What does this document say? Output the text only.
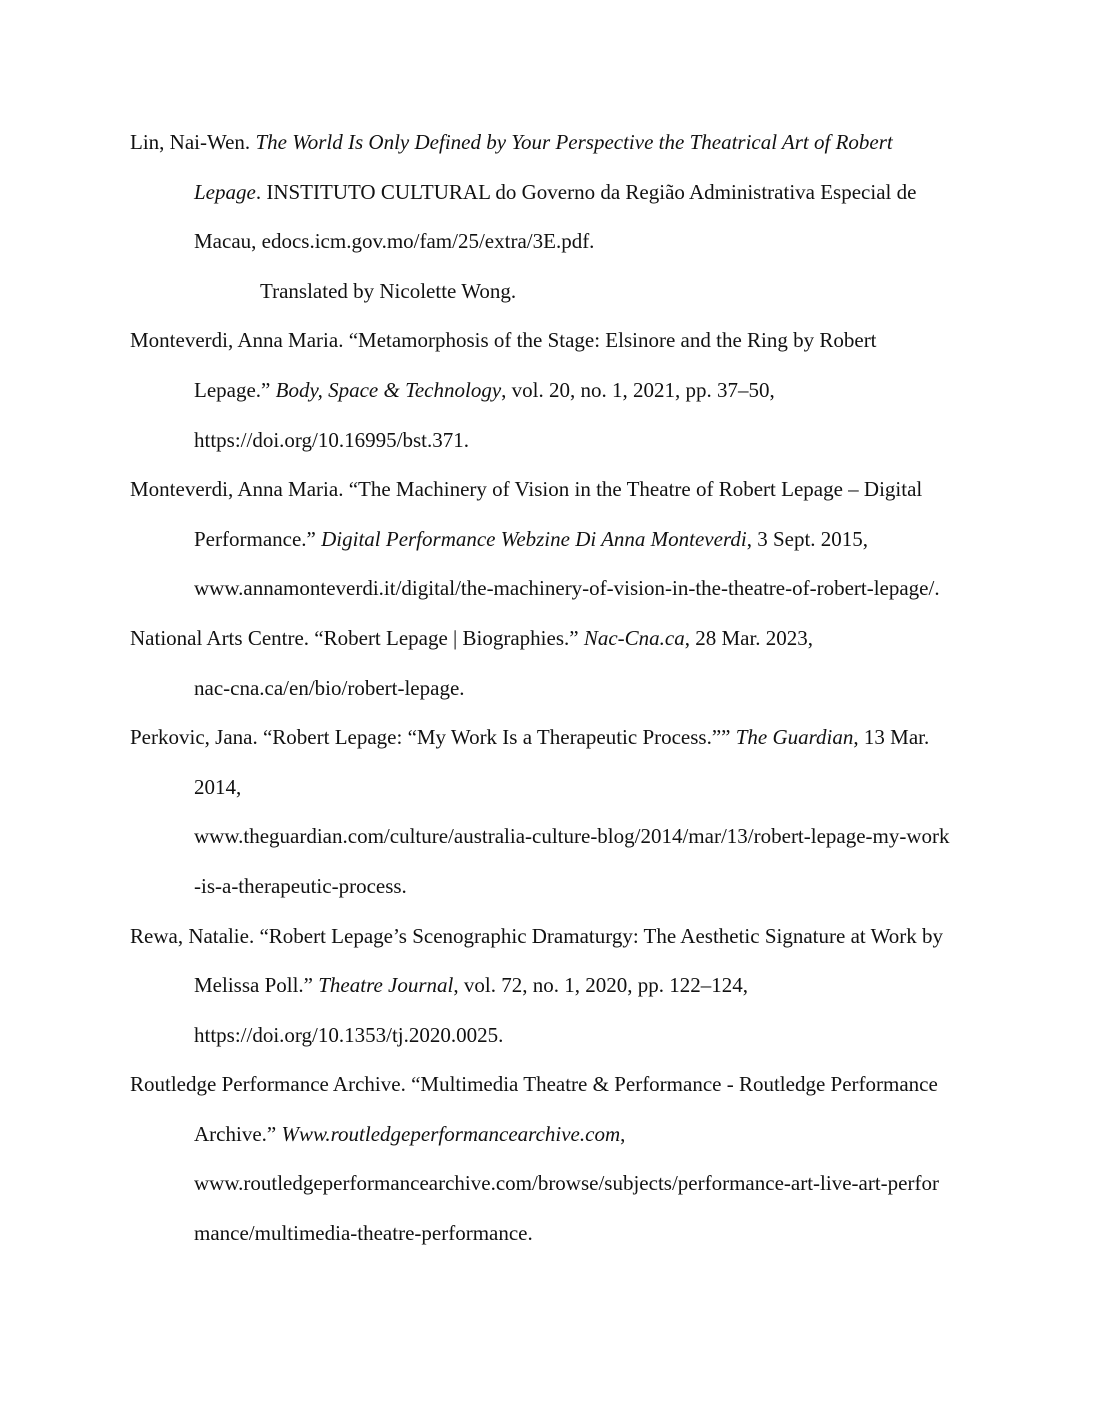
Lin, Nai-Wen. The World Is Only Defined by Your Perspective the Theatrical Art of Robert
Lepage. INSTITUTO CULTURAL do Governo da Região Administrativa Especial de
Macau, edocs.icm.gov.mo/fam/25/extra/3E.pdf.
Translated by Nicolette Wong.
Monteverdi, Anna Maria. “Metamorphosis of the Stage: Elsinore and the Ring by Robert
Lepage.” Body, Space & Technology, vol. 20, no. 1, 2021, pp. 37–50,
https://doi.org/10.16995/bst.371.
Monteverdi, Anna Maria. “The Machinery of Vision in the Theatre of Robert Lepage – Digital
Performance.” Digital Performance Webzine Di Anna Monteverdi, 3 Sept. 2015,
www.annamonteverdi.it/digital/the-machinery-of-vision-in-the-theatre-of-robert-lepage/.
National Arts Centre. “Robert Lepage | Biographies.” Nac-Cna.ca, 28 Mar. 2023,
nac-cna.ca/en/bio/robert-lepage.
Perkovic, Jana. “Robert Lepage: “My Work Is a Therapeutic Process.”” The Guardian, 13 Mar.
2014,
www.theguardian.com/culture/australia-culture-blog/2014/mar/13/robert-lepage-my-work
-is-a-therapeutic-process.
Rewa, Natalie. “Robert Lepage’s Scenographic Dramaturgy: The Aesthetic Signature at Work by
Melissa Poll.” Theatre Journal, vol. 72, no. 1, 2020, pp. 122–124,
https://doi.org/10.1353/tj.2020.0025.
Routledge Performance Archive. “Multimedia Theatre & Performance - Routledge Performance
Archive.” Www.routledgeperformancearchive.com,
www.routledgeperformancearchive.com/browse/subjects/performance-art-live-art-perfor
mance/multimedia-theatre-performance.
